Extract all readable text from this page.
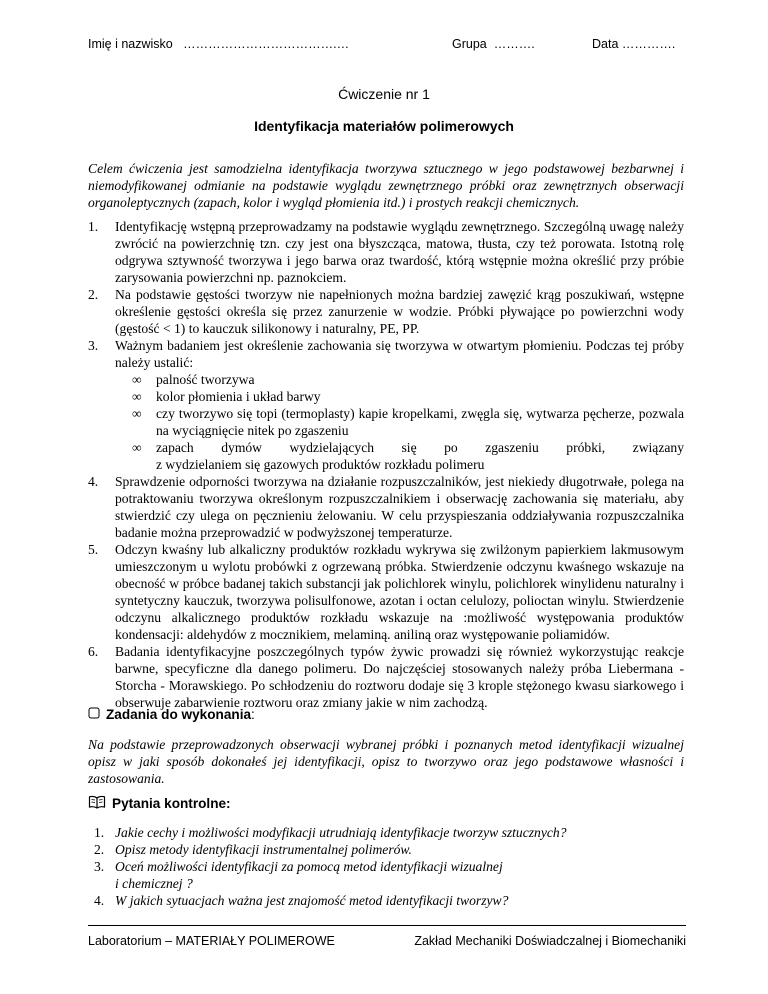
Imię i nazwisko ……………………………….…	Grupa ……….	Data ………….
Ćwiczenie nr 1
Identyfikacja materiałów polimerowych

Celem ćwiczenia jest samodzielna identyfikacja tworzywa sztucznego w jego podstawowej bezbarwnej i niemodyfikowanej odmianie na podstawie wyglądu zewnętrznego próbki oraz zewnętrznych obserwacji organoleptycznych (zapach, kolor i wygląd płomienia itd.) i prostych reakcji chemicznych.

1. Identyfikację wstępną przeprowadzamy na podstawie wyglądu zewnętrznego. Szczególną uwagę należy zwrócić na powierzchnię tzn. czy jest ona błyszcząca, matowa, tłusta, czy też porowata. Istotną rolę odgrywa sztywność tworzywa i jego barwa oraz twardość, którą wstępnie można określić przy próbie zarysowania powierzchni np. paznokciem.
2. Na podstawie gęstości tworzyw nie napełnionych można bardziej zawęzić krąg poszukiwań, wstępne określenie gęstości określa się przez zanurzenie w wodzie. Próbki pływające po powierzchni wody (gęstość < 1) to kauczuk silikonowy i naturalny, PE, PP.
3. Ważnym badaniem jest określenie zachowania się tworzywa w otwartym płomieniu. Podczas tej próby należy ustalić:
∞ palność tworzywa
∞ kolor płomienia i układ barwy
∞ czy tworzywo się topi (termoplasty) kapie kropelkami, zwęgla się, wytwarza pęcherze, pozwala na wyciągnięcie nitek po zgaszeniu
∞ zapach dymów wydzielających się po zgaszeniu próbki, związany
z wydzielaniem się gazowych produktów rozkładu polimeru
4. Sprawdzenie odporności tworzywa na działanie rozpuszczalników, jest niekiedy długotrwałe, polega na potraktowaniu tworzywa określonym rozpuszczalnikiem i obserwację zachowania się materiału, aby stwierdzić czy ulega on pęcznieniu żelowaniu. W celu przyspieszania oddziaływania rozpuszczalnika badanie można przeprowadzić w podwyższonej temperaturze.
5. Odczyn kwaśny lub alkaliczny produktów rozkładu wykrywa się zwilżonym papierkiem lakmusowym umieszczonym u wylotu probówki z ogrzewaną próbka. Stwierdzenie odczynu kwaśnego wskazuje na obecność w próbce badanej takich substancji jak polichlorek winylu, polichlorek winylidenu naturalny i syntetyczny kauczuk, tworzywa polisulfonowe, azotan i octan celulozy, polioctan winylu. Stwierdzenie odczynu alkalicznego produktów rozkładu wskazuje na :możliwość występowania produktów kondensacji: aldehydów z mocznikiem, melaminą. aniliną oraz występowanie poliamidów.
6. Badania identyfikacyjne poszczególnych typów żywic prowadzi się również wykorzystując reakcje barwne, specyficzne dla danego polimeru. Do najczęściej stosowanych należy próba Liebermana - Storcha - Morawskiego. Po schłodzeniu do roztworu dodaje się 3 krople stężonego kwasu siarkowego i obserwuje zabarwienie roztworu oraz zmiany jakie w nim zachodzą.
Zadania do wykonania:

Na podstawie przeprowadzonych obserwacji wybranej próbki i poznanych metod identyfikacji wizualnej opisz w jaki sposób dokonałeś jej identyfikacji, opisz to tworzywo oraz jego podstawowe własności i zastosowania.

Pytania kontrolne:
1. Jakie cechy i możliwości modyfikacji utrudniają identyfikacje tworzyw sztucznych?
2. Opisz metody identyfikacji instrumentalnej polimerów.
3. Oceń możliwości identyfikacji za pomocą metod identyfikacji wizualnej
i chemicznej ?
4. W jakich sytuacjach ważna jest znajomość metod identyfikacji tworzyw?
Laboratorium – MATERIAŁY POLIMEROWE	Zakład Mechaniki Doświadczalnej i Biomechaniki
